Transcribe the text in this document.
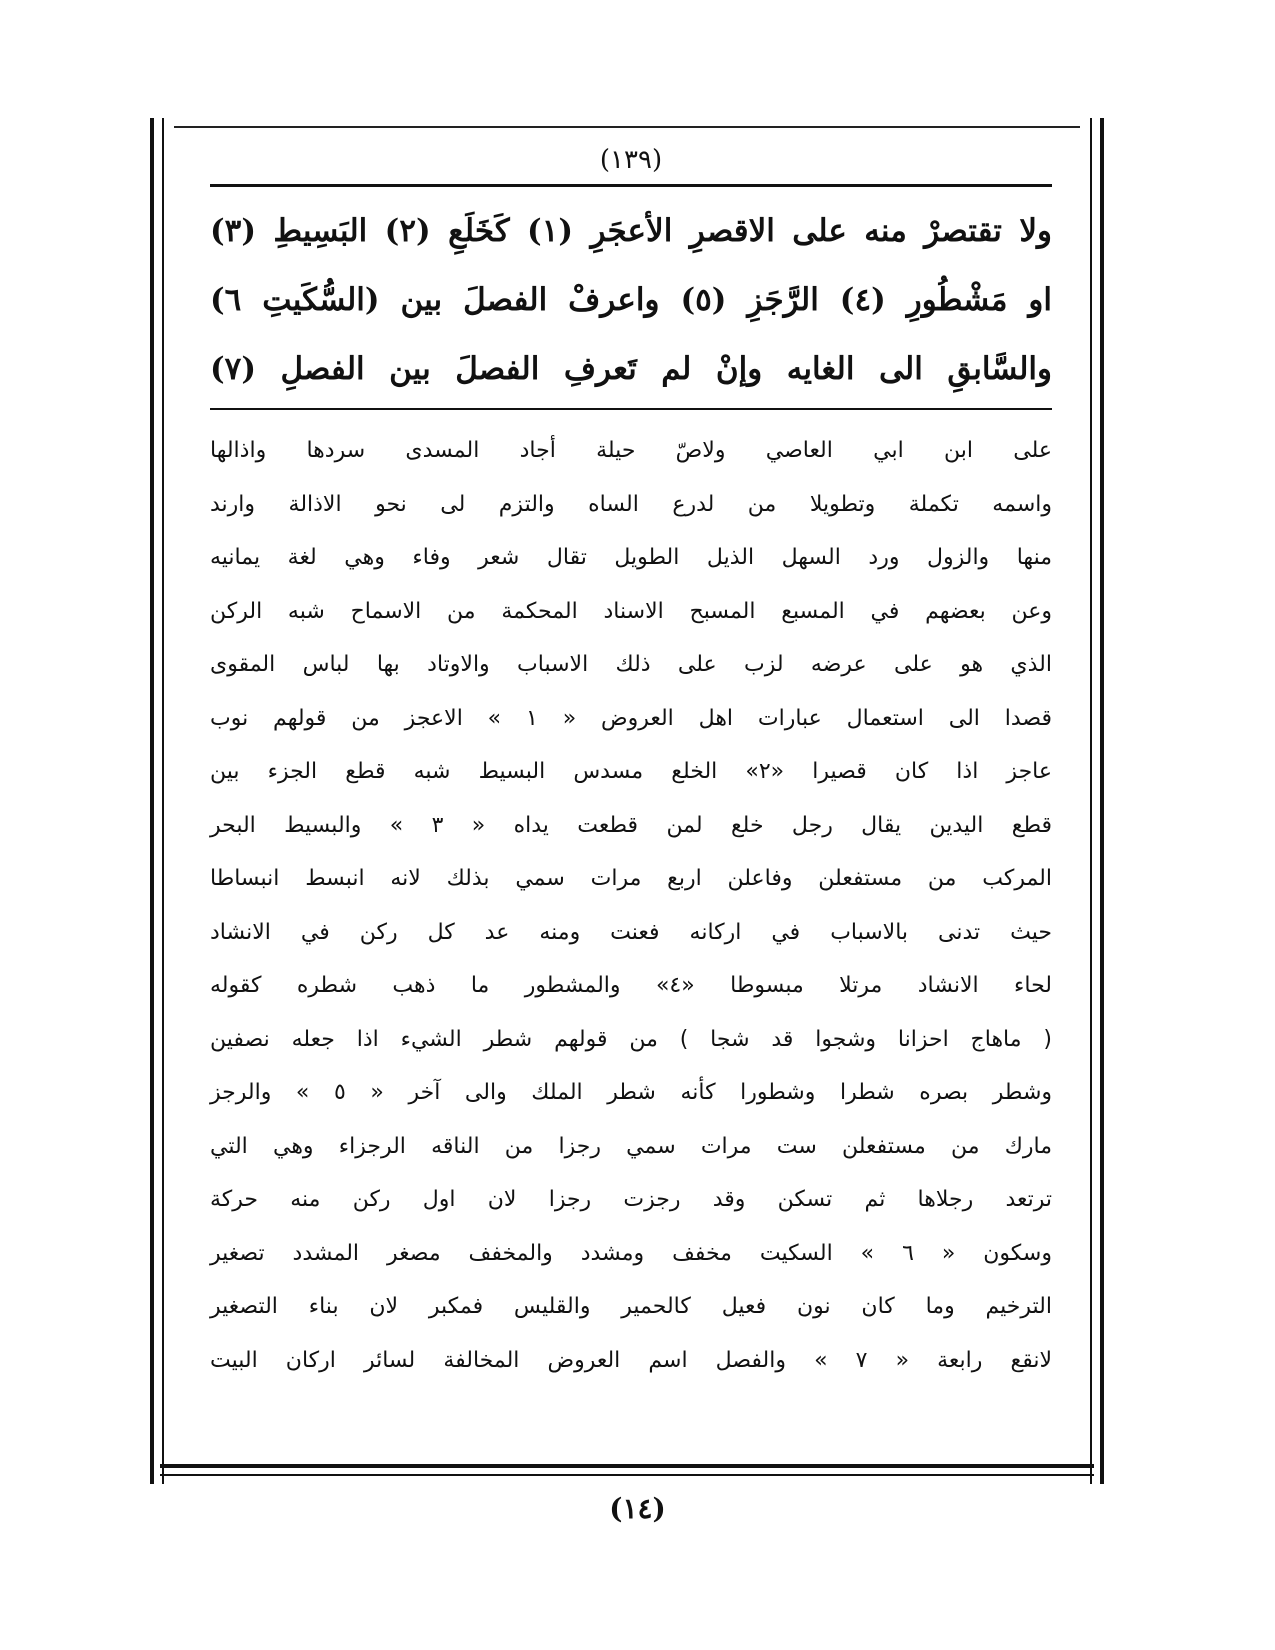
(١٣٩)
ولا تقتصرْ منه على الاقصرِ الأعجَرِ (١) كَخَلَعِ (٢) البَسِيطِ (٣)
او مَشْطُورِ (٤) الرَّجَزِ (٥) واعرفْ الفصلَ بين (السُّكَيتِ ٦)
والسَّابقِ الى الغايه وإنْ لم تَعرفِ الفصلَ بين الفصلِ (٧)
على ابن ابي العاصي ولاصّ حيلة أجاد المسدى سردها واذالها
واسمه تكملة وتطويلا من لدرع الساه والتزم لى نحو الاذالة وارند
منها والزول ورد السهل الذيل الطويل تقال شعر وفاء وهي لغة يمانيه
وعن بعضهم في المسبع المسبح الاسناد المحكمة من الاسماح شبه الركن
الذي هو على عرضه لزب على ذلك الاسباب والاوتاد بها لباس المقوى
قصدا الى استعمال عبارات اهل العروض « ١ » الاعجز من قولهم نوب
عاجز اذا كان قصيرا «٢» الخلع مسدس البسيط شبه قطع الجزء بين
قطع اليدين يقال رجل خلع لمن قطعت يداه « ٣ » والبسيط البحر
المركب من مستفعلن وفاعلن اربع مرات سمي بذلك لانه انبسط انبساطا
حيث تدنى بالاسباب في اركانه فعنت ومنه عد كل ركن في الانشاد
لحاء الانشاد مرتلا مبسوطا «٤» والمشطور ما ذهب شطره كقوله
( ماهاج احزانا وشجوا قد شجا ) من قولهم شطر الشيء اذا جعله نصفين
وشطر بصره شطرا وشطورا كأنه شطر الملك والى آخر « ٥ » والرجز
مارك من مستفعلن ست مرات سمي رجزا من الناقه الرجزاء وهي التي
ترتعد رجلاها ثم تسكن وقد رجزت رجزا لان اول ركن منه حركة
وسكون « ٦ » السكيت مخفف ومشدد والمخفف مصغر المشدد تصغير
الترخيم وما كان نون فعيل كالحمير والقليس فمكبر لان بناء التصغير
لانقع رابعة « ٧ » والفصل اسم العروض المخالفة لسائر اركان البيت
(١٤)
